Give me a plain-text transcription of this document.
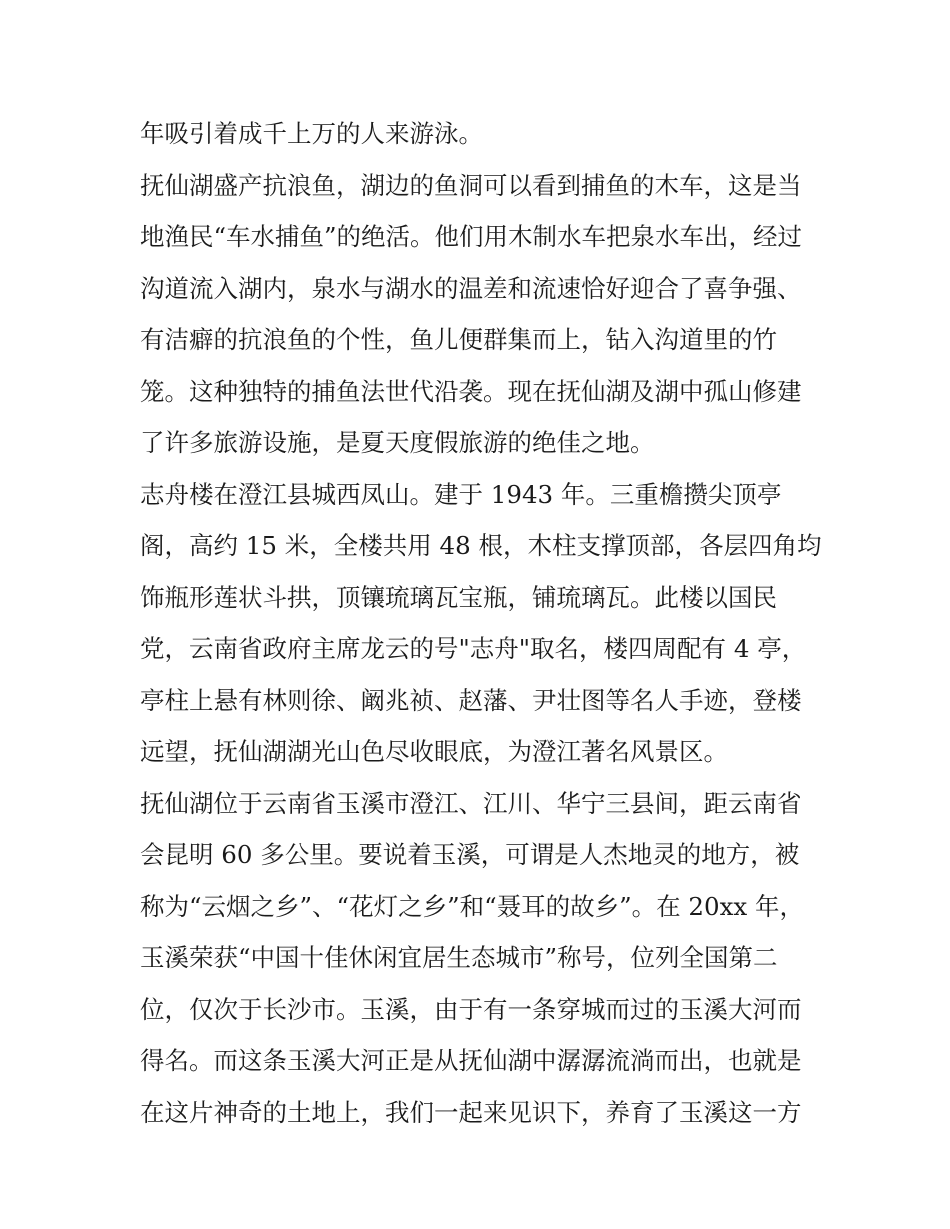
年吸引着成千上万的人来游泳。
抚仙湖盛产抗浪鱼，湖边的鱼洞可以看到捕鱼的木车，这是当
地渔民“车水捕鱼”的绝活。他们用木制水车把泉水车出，经过
沟道流入湖内，泉水与湖水的温差和流速恰好迎合了喜争强、
有洁癖的抗浪鱼的个性，鱼儿便群集而上，钻入沟道里的竹
笼。这种独特的捕鱼法世代沿袭。现在抚仙湖及湖中孤山修建
了许多旅游设施，是夏天度假旅游的绝佳之地。
志舟楼在澄江县城西凤山。建于 1943 年。三重檐攒尖顶亭
阁，高约 15 米，全楼共用 48 根，木柱支撑顶部，各层四角均
饰瓶形莲状斗拱，顶镶琉璃瓦宝瓶，铺琉璃瓦。此楼以国民
党，云南省政府主席龙云的号"志舟"取名，楼四周配有 4 亭，
亭柱上悬有林则徐、阚兆祯、赵藩、尹壮图等名人手迹，登楼
远望，抚仙湖湖光山色尽收眼底，为澄江著名风景区。
抚仙湖位于云南省玉溪市澄江、江川、华宁三县间，距云南省
会昆明 60 多公里。要说着玉溪，可谓是人杰地灵的地方，被
称为“云烟之乡”、“花灯之乡”和“聂耳的故乡”。在 20xx 年，
玉溪荣获“中国十佳休闲宜居生态城市”称号，位列全国第二
位，仅次于长沙市。玉溪，由于有一条穿城而过的玉溪大河而
得名。而这条玉溪大河正是从抚仙湖中潺潺流淌而出，也就是
在这片神奇的土地上，我们一起来见识下，养育了玉溪这一方
